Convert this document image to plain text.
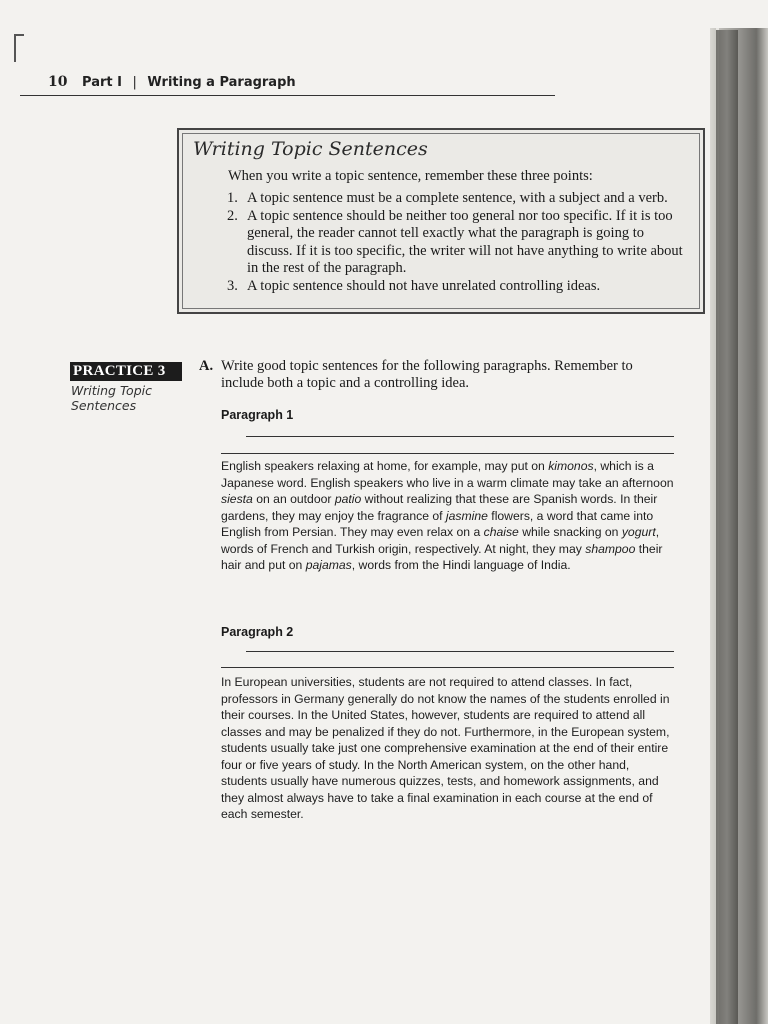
10 Part I | Writing a Paragraph
Writing Topic Sentences
When you write a topic sentence, remember these three points:
1. A topic sentence must be a complete sentence, with a subject and a verb.
2. A topic sentence should be neither too general nor too specific. If it is too general, the reader cannot tell exactly what the paragraph is going to discuss. If it is too specific, the writer will not have anything to write about in the rest of the paragraph.
3. A topic sentence should not have unrelated controlling ideas.
PRACTICE 3
Writing Topic Sentences
A. Write good topic sentences for the following paragraphs. Remember to include both a topic and a controlling idea.
Paragraph 1
English speakers relaxing at home, for example, may put on kimonos, which is a Japanese word. English speakers who live in a warm climate may take an afternoon siesta on an outdoor patio without realizing that these are Spanish words. In their gardens, they may enjoy the fragrance of jasmine flowers, a word that came into English from Persian. They may even relax on a chaise while snacking on yogurt, words of French and Turkish origin, respectively. At night, they may shampoo their hair and put on pajamas, words from the Hindi language of India.
Paragraph 2
In European universities, students are not required to attend classes. In fact, professors in Germany generally do not know the names of the students enrolled in their courses. In the United States, however, students are required to attend all classes and may be penalized if they do not. Furthermore, in the European system, students usually take just one comprehensive examination at the end of their entire four or five years of study. In the North American system, on the other hand, students usually have numerous quizzes, tests, and homework assignments, and they almost always have to take a final examination in each course at the end of each semester.
